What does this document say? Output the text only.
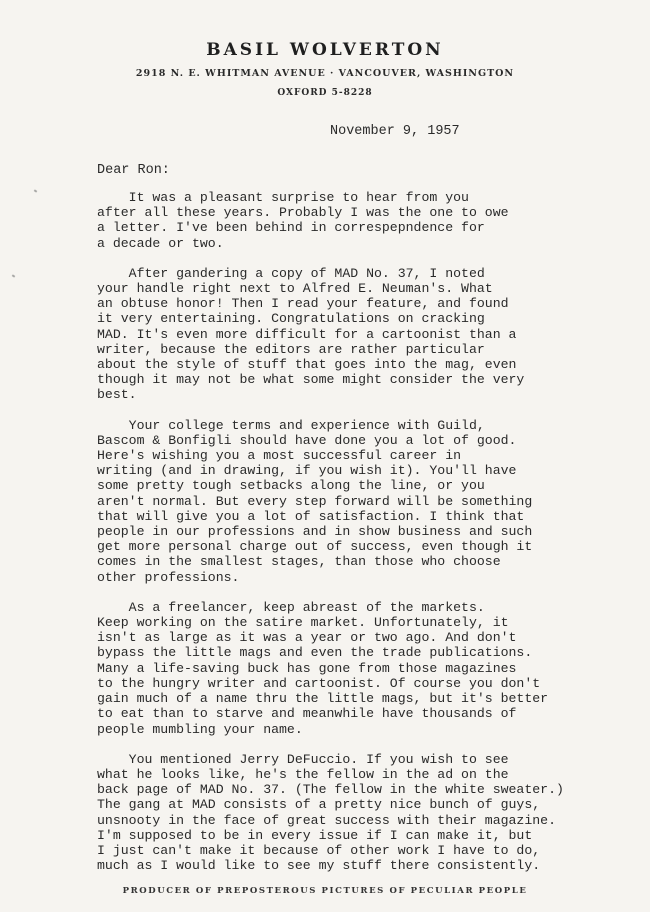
BASIL WOLVERTON
2918 N. E. WHITMAN AVENUE · VANCOUVER, WASHINGTON
OXFORD 5-8228
November 9, 1957
Dear Ron:
It was a pleasant surprise to hear from you
after all these years. Probably I was the one to owe
a letter. I've been behind in correspepndence for
a decade or two.
After gandering a copy of MAD No. 37, I noted
your handle right next to Alfred E. Neuman's. What
an obtuse honor! Then I read your feature, and found
it very entertaining. Congratulations on cracking
MAD. It's even more difficult for a cartoonist than a
writer, because the editors are rather particular
about the style of stuff that goes into the mag, even
though it may not be what some might consider the very
best.
Your college terms and experience with Guild,
Bascom & Bonfigli should have done you a lot of good.
Here's wishing you a most successful career in
writing (and in drawing, if you wish it). You'll have
some pretty tough setbacks along the line, or you
aren't normal. But every step forward will be something
that will give you a lot of satisfaction. I think that
people in our professions and in show business and such
get more personal charge out of success, even though it
comes in the smallest stages, than those who choose
other professions.
As a freelancer, keep abreast of the markets.
Keep working on the satire market. Unfortunately, it
isn't as large as it was a year or two ago. And don't
bypass the little mags and even the trade publications.
Many a life-saving buck has gone from those magazines
to the hungry writer and cartoonist. Of course you don't
gain much of a name thru the little mags, but it's better
to eat than to starve and meanwhile have thousands of
people mumbling your name.
You mentioned Jerry DeFuccio. If you wish to see
what he looks like, he's the fellow in the ad on the
back page of MAD No. 37. (The fellow in the white sweater.)
The gang at MAD consists of a pretty nice bunch of guys,
unsnooty in the face of great success with their magazine.
I'm supposed to be in every issue if I can make it, but
I just can't make it because of other work I have to do,
much as I would like to see my stuff there consistently.
PRODUCER OF PREPOSTEROUS PICTURES OF PECULIAR PEOPLE
